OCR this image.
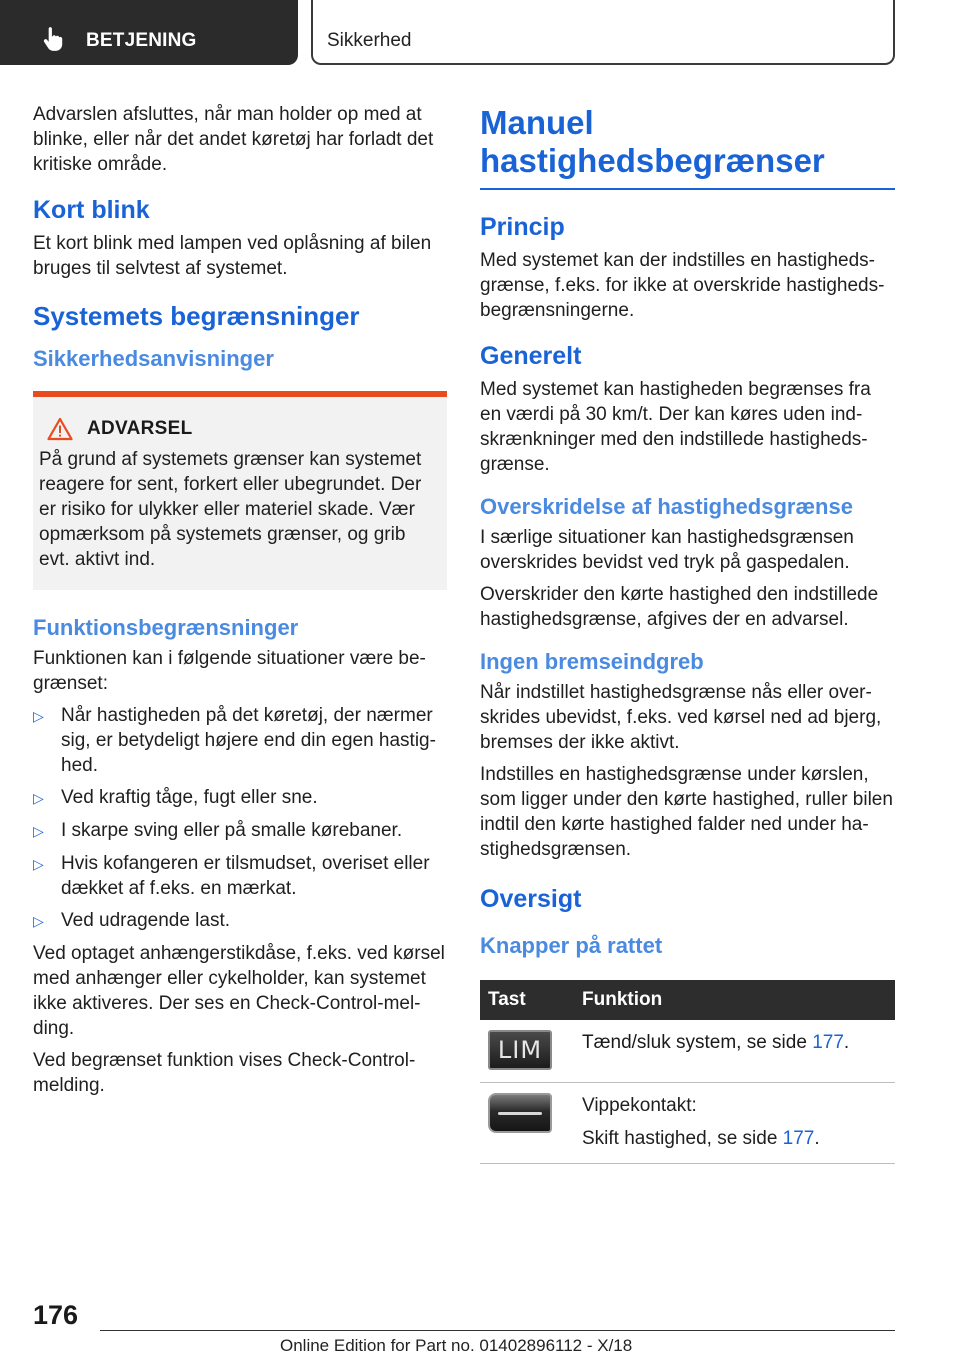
BETJENING	Sikkerhed

Advarslen afsluttes, når man holder op med at blinke, eller når det andet køretøj har forladt det kritiske område.

Kort blink

Et kort blink med lampen ved oplåsning af bilen bruges til selvtest af systemet.

Systemets begrænsninger
Sikkerhedsanvisninger
ADVARSEL

På grund af systemets grænser kan systemet reagere for sent, forkert eller ubegrundet. Der er risiko for ulykker eller materiel skade. Vær opmærksom på systemets grænser, og grib evt. aktivt ind.

Funktionsbegrænsninger

Funktionen kan i følgende situationer være be- grænset:

▷ Når hastigheden på det køretøj, der nærmer sig, er betydeligt højere end din egen hastig- hed.
▷ Ved kraftig tåge, fugt eller sne.
▷ I skarpe sving eller på smalle kørebaner.
▷ Hvis kofangeren er tilsmudset, overiset eller dækket af f.eks. en mærkat.
▷ Ved udragende last.

Ved optaget anhængerstikdåse, f.eks. ved kørsel med anhænger eller cykelholder, kan systemet ikke aktiveres. Der ses en Check-Control-mel- ding.

Ved begrænset funktion vises Check-Control- melding.

Manuel hastighedsbegrænser
Princip

Med systemet kan der indstilles en hastigheds- grænse, f.eks. for ikke at overskride hastigheds- begrænsningerne.

Generelt

Med systemet kan hastigheden begrænses fra en værdi på 30 km/t. Der kan køres uden ind- skrænkninger med den indstillede hastigheds- grænse.

Overskridelse af hastighedsgrænse

I særlige situationer kan hastighedsgrænsen overskrides bevidst ved tryk på gaspedalen.

Overskrider den kørte hastighed den indstillede hastighedsgrænse, afgives der en advarsel.

Ingen bremseindgreb

Når indstillet hastighedsgrænse nås eller over- skrides ubevidst, f.eks. ved kørsel ned ad bjerg, bremses der ikke aktivt.

Indstilles en hastighedsgrænse under kørslen, som ligger under den kørte hastighed, ruller bilen indtil den kørte hastighed falder ned under ha- stighedsgrænsen.

Oversigt
Knapper på rattet
Tast	Funktion

LIM	Tænd/sluk system, se side 177.

	Vippekontakt:

Skift hastighed, se side 177.

176
Online Edition for Part no. 01402896112 - X/18
